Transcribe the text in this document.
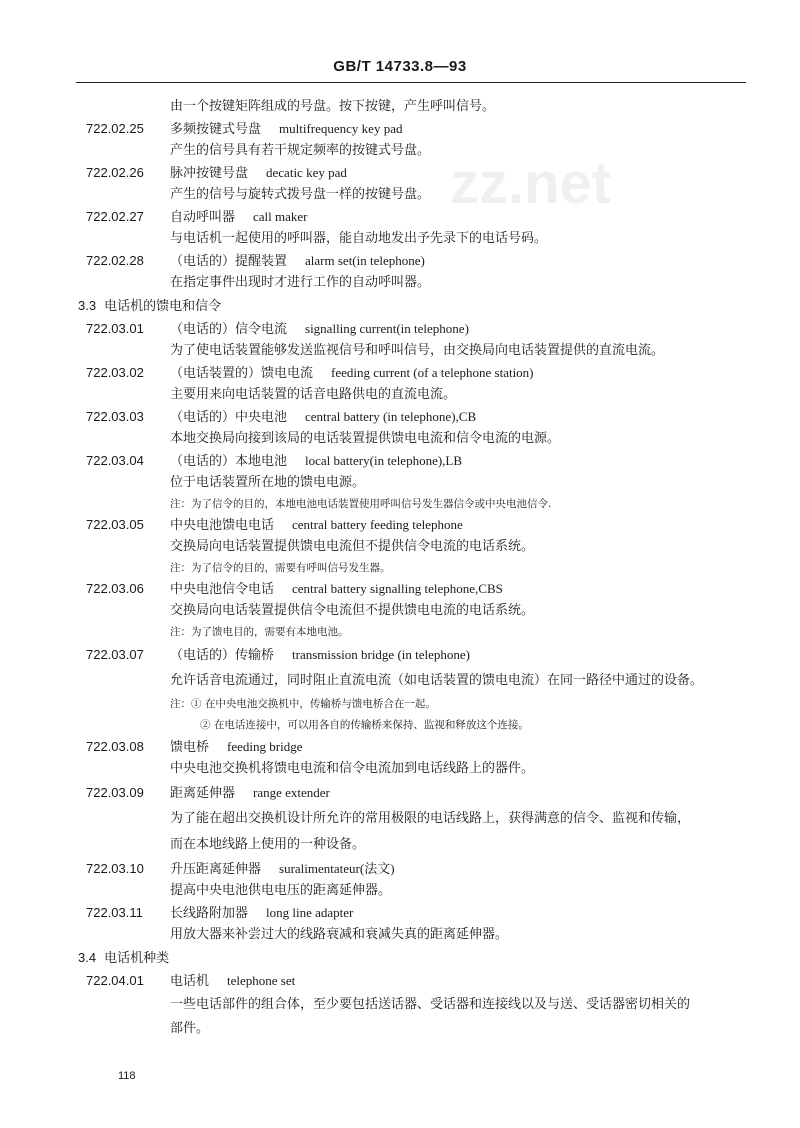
GB/T 14733.8—93
zz.net
由一个按键矩阵组成的号盘。按下按键，产生呼叫信号。
722.02.25 多频按键式号盘 multifrequency key pad
产生的信号具有若干规定频率的按键式号盘。
722.02.26 脉冲按键号盘 decatic key pad
产生的信号与旋转式拨号盘一样的按键号盘。
722.02.27 自动呼叫器 call maker
与电话机一起使用的呼叫器，能自动地发出予先录下的电话号码。
722.02.28 （电话的）提醒装置 alarm set(in telephone)
在指定事件出现时才进行工作的自动呼叫器。
3.3 电话机的馈电和信令
722.03.01 （电话的）信令电流 signalling current(in telephone)
为了使电话装置能够发送监视信号和呼叫信号，由交换局向电话装置提供的直流电流。
722.03.02 （电话装置的）馈电电流 feeding current (of a telephone station)
主要用来向电话装置的话音电路供电的直流电流。
722.03.03 （电话的）中央电池 central battery (in telephone),CB
本地交换局向接到该局的电话装置提供馈电电流和信令电流的电源。
722.03.04 （电话的）本地电池 local battery(in telephone),LB
位于电话装置所在地的馈电电源。
注：为了信令的目的，本地电池电话装置使用呼叫信号发生器信令或中央电池信令.
722.03.05 中央电池馈电电话 central battery feeding telephone
交换局向电话装置提供馈电电流但不提供信令电流的电话系统。
注：为了信令的目的，需要有呼叫信号发生器。
722.03.06 中央电池信令电话 central battery signalling telephone,CBS
交换局向电话装置提供信令电流但不提供馈电电流的电话系统。
注：为了馈电目的，需要有本地电池。
722.03.07 （电话的）传输桥 transmission bridge (in telephone)
允许话音电流通过，同时阻止直流电流（如电话装置的馈电电流）在同一路径中通过的设备。
注：① 在中央电池交换机中，传输桥与馈电桥合在一起。
② 在电话连接中，可以用各自的传输桥来保持、监视和释放这个连接。
722.03.08 馈电桥 feeding bridge
中央电池交换机将馈电电流和信令电流加到电话线路上的器件。
722.03.09 距离延伸器 range extender
为了能在超出交换机设计所允许的常用极限的电话线路上，获得满意的信令、监视和传输，
而在本地线路上使用的一种设备。
722.03.10 升压距离延伸器 suralimentateur(法文)
提高中央电池供电电压的距离延伸器。
722.03.11 长线路附加器 long line adapter
用放大器来补尝过大的线路衰减和衰减失真的距离延伸器。
3.4 电话机种类
722.04.01 电话机 telephone set
一些电话部件的组合体，至少要包括送话器、受话器和连接线以及与送、受话器密切相关的
部件。
118
